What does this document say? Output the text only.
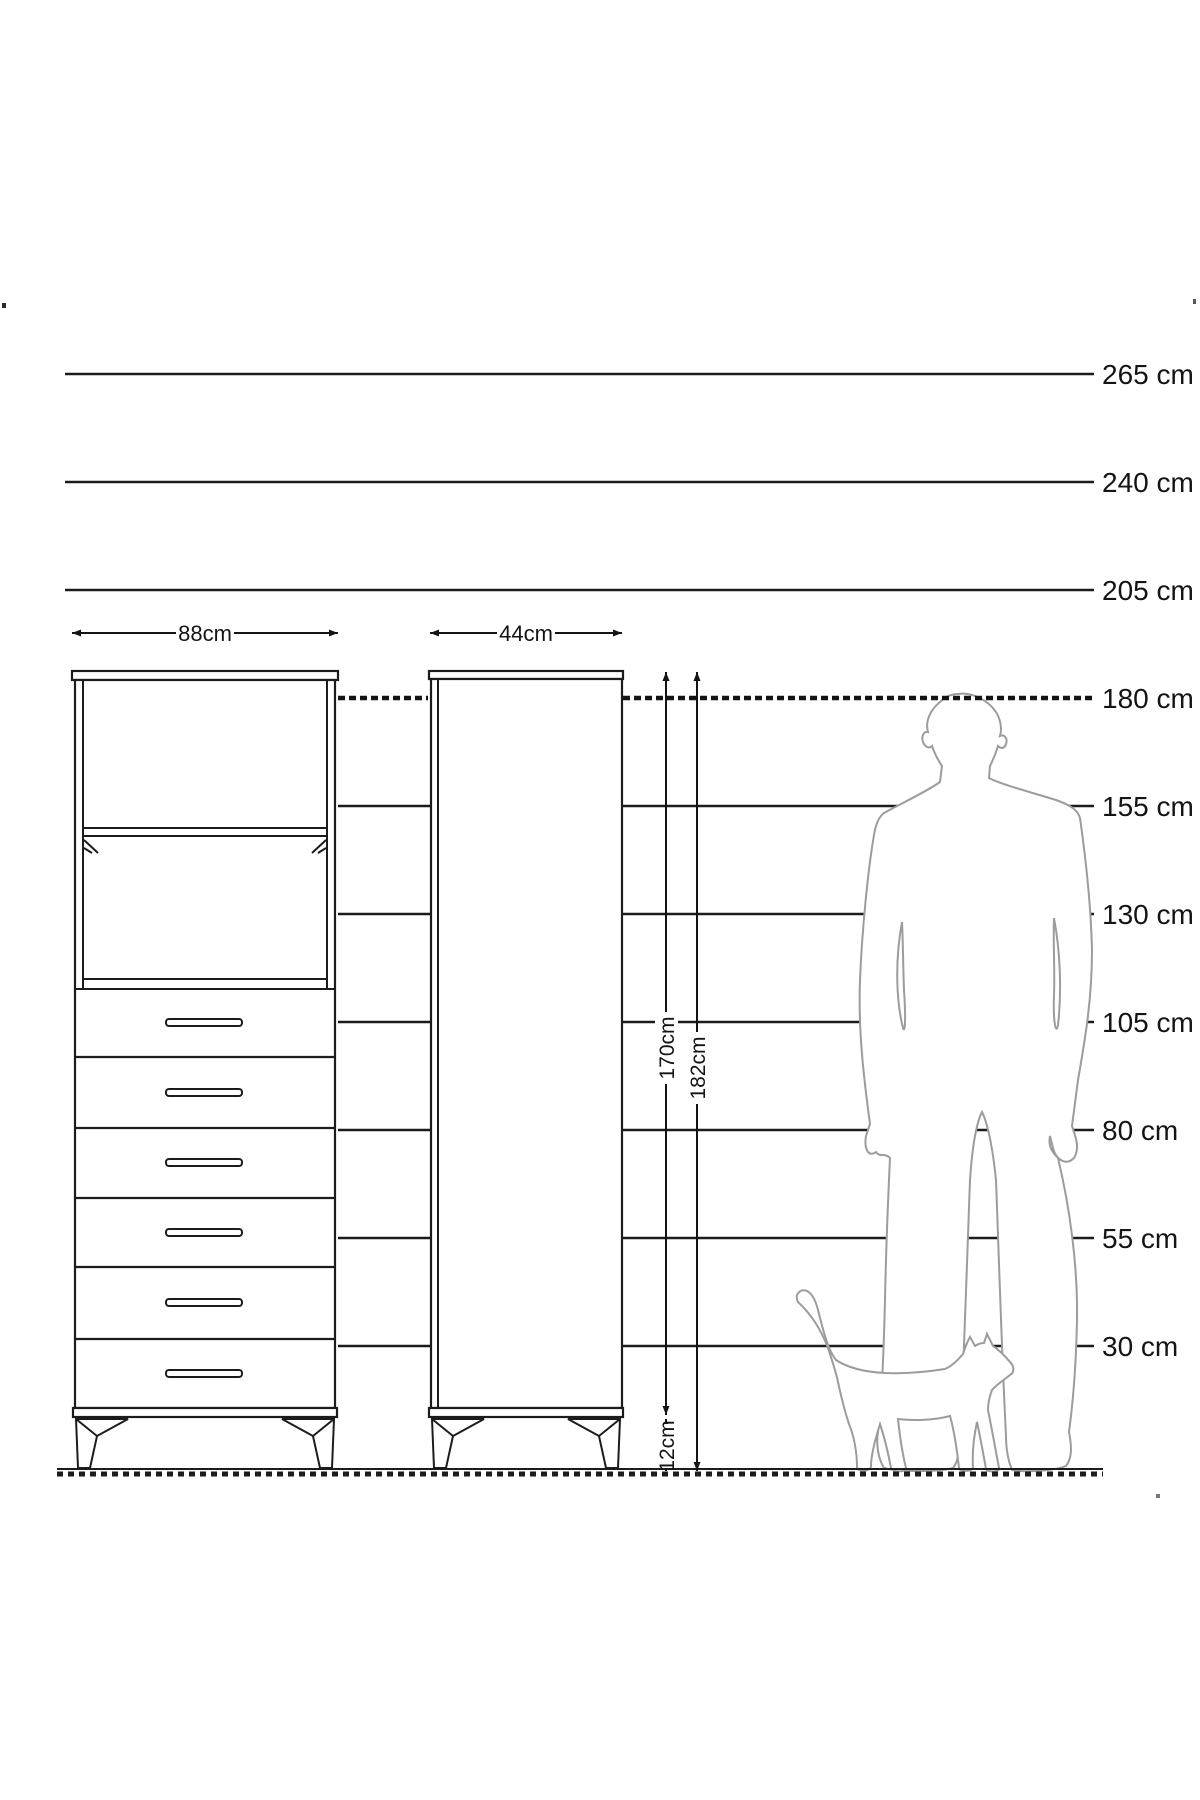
88cm	44cm
170cm 182cm
12cm
265 cm
240 cm
205 cm
180 cm
155 cm
130 cm
105 cm
80 cm
55 cm
30 cm
